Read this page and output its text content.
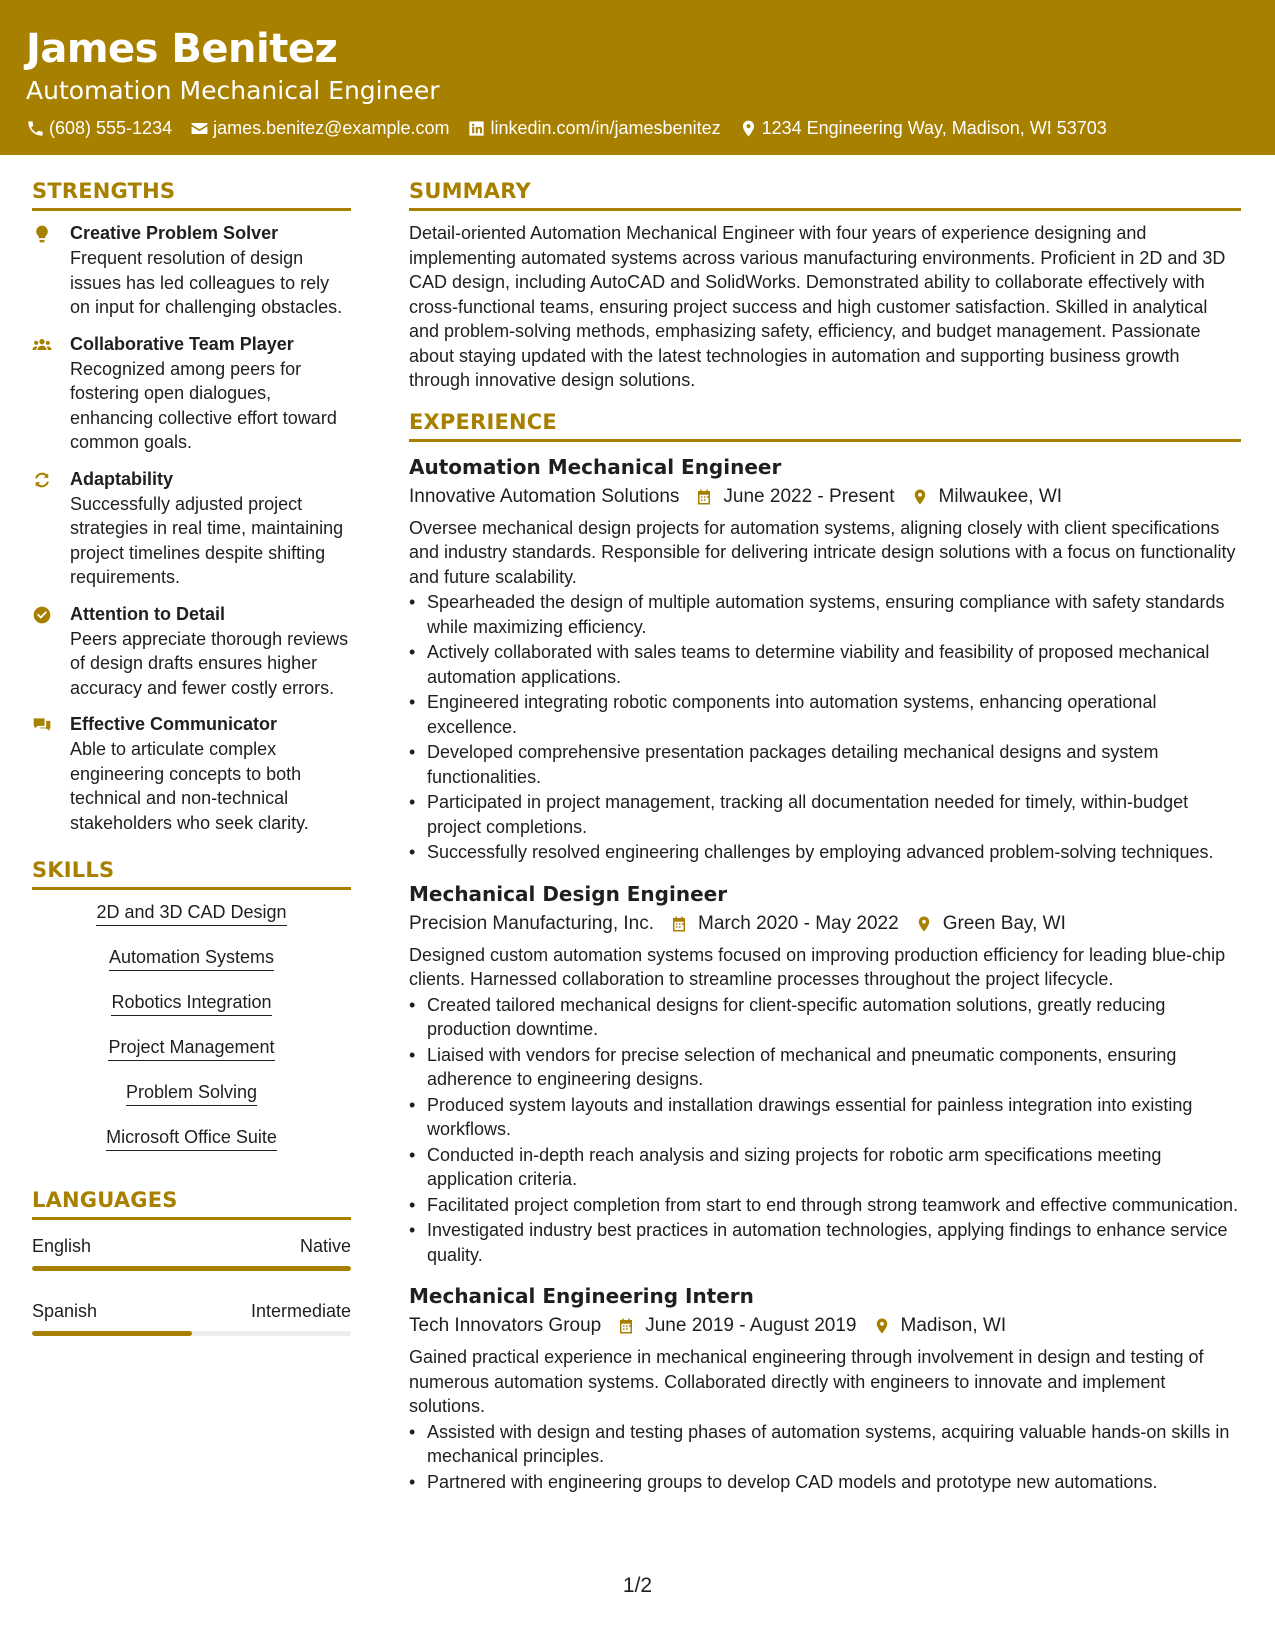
James Benitez
Automation Mechanical Engineer
(608) 555-1234 james.benitez@example.com linkedin.com/in/jamesbenitez 1234 Engineering Way, Madison, WI 53703
STRENGTHS
Creative Problem Solver
Frequent resolution of design issues has led colleagues to rely on input for challenging obstacles.
Collaborative Team Player
Recognized among peers for fostering open dialogues, enhancing collective effort toward common goals.
Adaptability
Successfully adjusted project strategies in real time, maintaining project timelines despite shifting requirements.
Attention to Detail
Peers appreciate thorough reviews of design drafts ensures higher accuracy and fewer costly errors.
Effective Communicator
Able to articulate complex engineering concepts to both technical and non-technical stakeholders who seek clarity.
SKILLS
2D and 3D CAD Design
Automation Systems
Robotics Integration
Project Management
Problem Solving
Microsoft Office Suite
LANGUAGES
English	Native
Spanish	Intermediate
SUMMARY
Detail-oriented Automation Mechanical Engineer with four years of experience designing and implementing automated systems across various manufacturing environments. Proficient in 2D and 3D CAD design, including AutoCAD and SolidWorks. Demonstrated ability to collaborate effectively with cross-functional teams, ensuring project success and high customer satisfaction. Skilled in analytical and problem-solving methods, emphasizing safety, efficiency, and budget management. Passionate about staying updated with the latest technologies in automation and supporting business growth through innovative design solutions.
EXPERIENCE
Automation Mechanical Engineer
Innovative Automation Solutions June 2022 - Present Milwaukee, WI
Oversee mechanical design projects for automation systems, aligning closely with client specifications and industry standards. Responsible for delivering intricate design solutions with a focus on functionality and future scalability.
• Spearheaded the design of multiple automation systems, ensuring compliance with safety standards while maximizing efficiency.
• Actively collaborated with sales teams to determine viability and feasibility of proposed mechanical automation applications.
• Engineered integrating robotic components into automation systems, enhancing operational excellence.
• Developed comprehensive presentation packages detailing mechanical designs and system functionalities.
• Participated in project management, tracking all documentation needed for timely, within-budget project completions.
• Successfully resolved engineering challenges by employing advanced problem-solving techniques.
Mechanical Design Engineer
Precision Manufacturing, Inc. March 2020 - May 2022 Green Bay, WI
Designed custom automation systems focused on improving production efficiency for leading blue-chip clients. Harnessed collaboration to streamline processes throughout the project lifecycle.
• Created tailored mechanical designs for client-specific automation solutions, greatly reducing production downtime.
• Liaised with vendors for precise selection of mechanical and pneumatic components, ensuring adherence to engineering designs.
• Produced system layouts and installation drawings essential for painless integration into existing workflows.
• Conducted in-depth reach analysis and sizing projects for robotic arm specifications meeting application criteria.
• Facilitated project completion from start to end through strong teamwork and effective communication.
• Investigated industry best practices in automation technologies, applying findings to enhance service quality.
Mechanical Engineering Intern
Tech Innovators Group June 2019 - August 2019 Madison, WI
Gained practical experience in mechanical engineering through involvement in design and testing of numerous automation systems. Collaborated directly with engineers to innovate and implement solutions.
• Assisted with design and testing phases of automation systems, acquiring valuable hands-on skills in mechanical principles.
• Partnered with engineering groups to develop CAD models and prototype new automations.
1/2
